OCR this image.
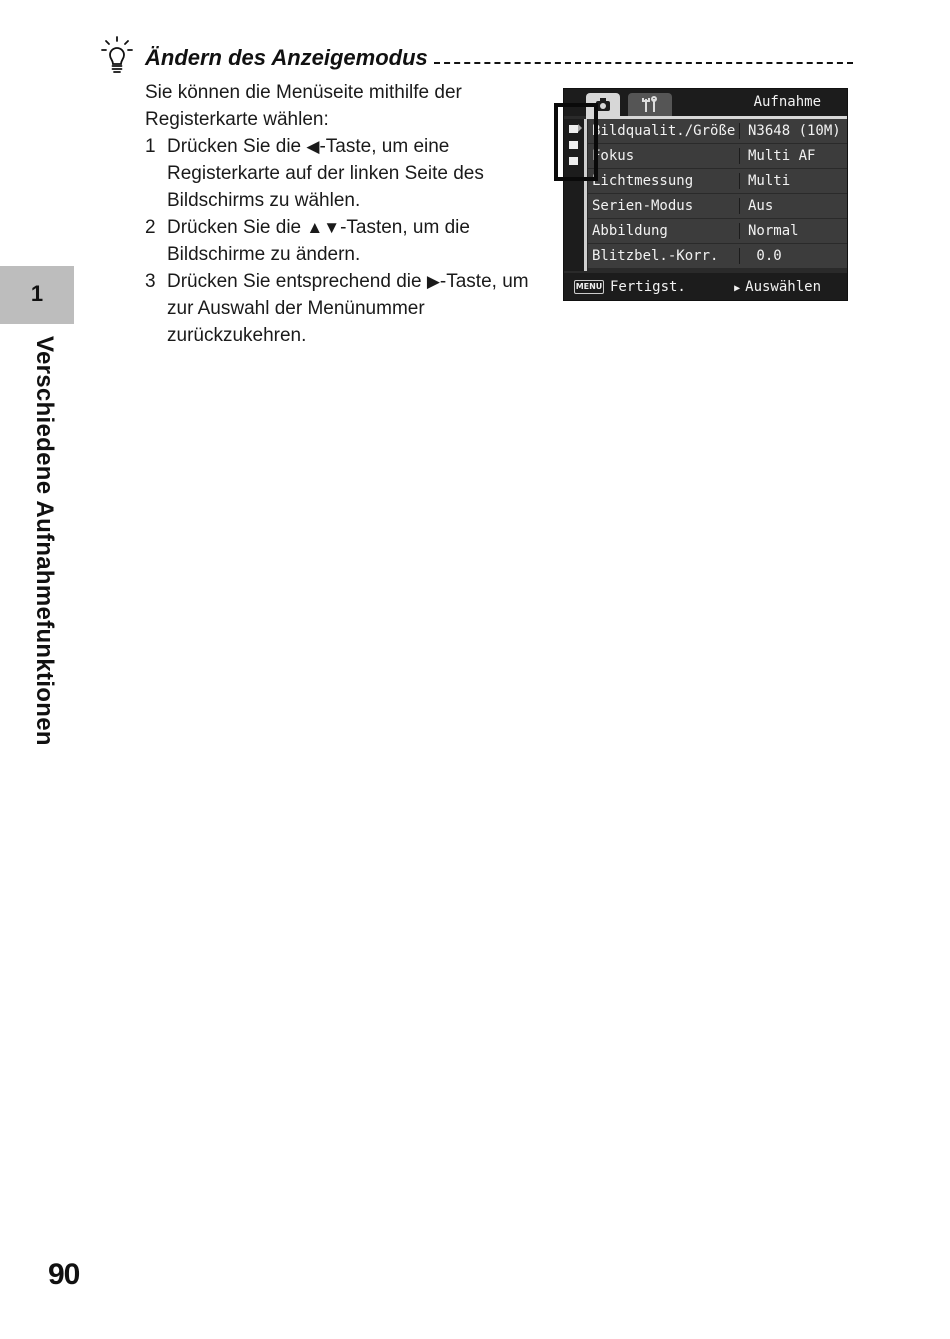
1
Verschiedene Aufnahmefunktionen
Ändern des Anzeigemodus

Sie können die Menüseite mithilfe der Registerkarte wählen:

1 Drücken Sie die ◀-Taste, um eine Registerkarte auf der linken Seite des Bildschirms zu wählen.
2 Drücken Sie die ▲▼-Tasten, um die Bildschirme zu ändern.
3 Drücken Sie entsprechend die ▶-Taste, um zur Auswahl der Menünummer zurückzukehren.
Aufnahme
Bildqualit./Größe N3648 (10M)
Fokus	Multi AF
Lichtmessung	Multi
Serien-Modus	Aus
Abbildung	Normal
Blitzbel.-Korr.	0.0
MENU Fertigst.	▶ Auswählen
90
